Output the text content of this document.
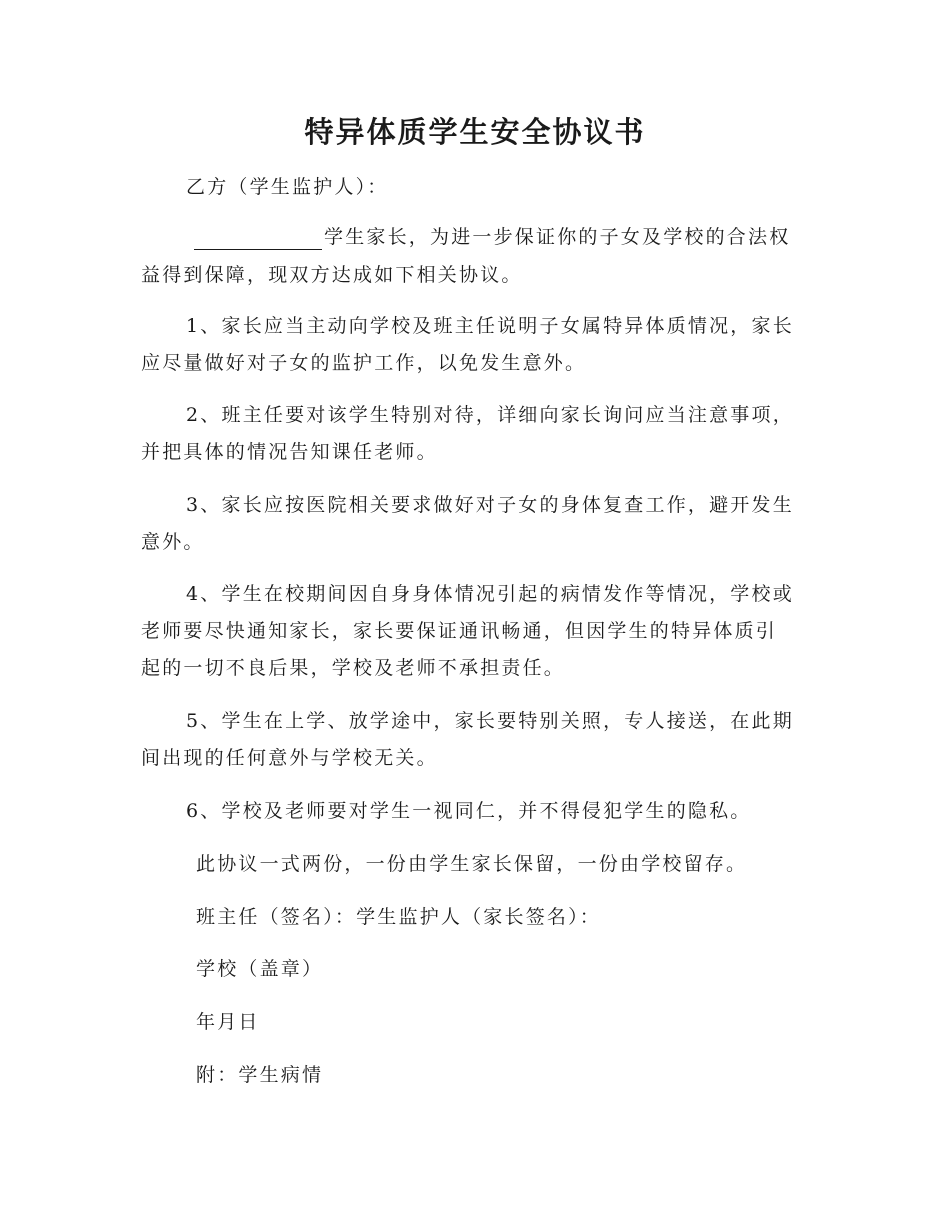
特异体质学生安全协议书
乙方（学生监护人）：
学生家长，为进一步保证你的子女及学校的合法权
益得到保障，现双方达成如下相关协议。
1、家长应当主动向学校及班主任说明子女属特异体质情况，家长
应尽量做好对子女的监护工作，以免发生意外。
2、班主任要对该学生特别对待，详细向家长询问应当注意事项，
并把具体的情况告知课任老师。
3、家长应按医院相关要求做好对子女的身体复查工作，避开发生
意外。
4、学生在校期间因自身身体情况引起的病情发作等情况，学校或
老师要尽快通知家长，家长要保证通讯畅通，但因学生的特异体质引
起的一切不良后果，学校及老师不承担责任。
5、学生在上学、放学途中，家长要特别关照，专人接送，在此期
间出现的任何意外与学校无关。
6、学校及老师要对学生一视同仁，并不得侵犯学生的隐私。
此协议一式两份，一份由学生家长保留，一份由学校留存。
班主任（签名）：学生监护人（家长签名）：
学校（盖章）
年月日
附：学生病情
